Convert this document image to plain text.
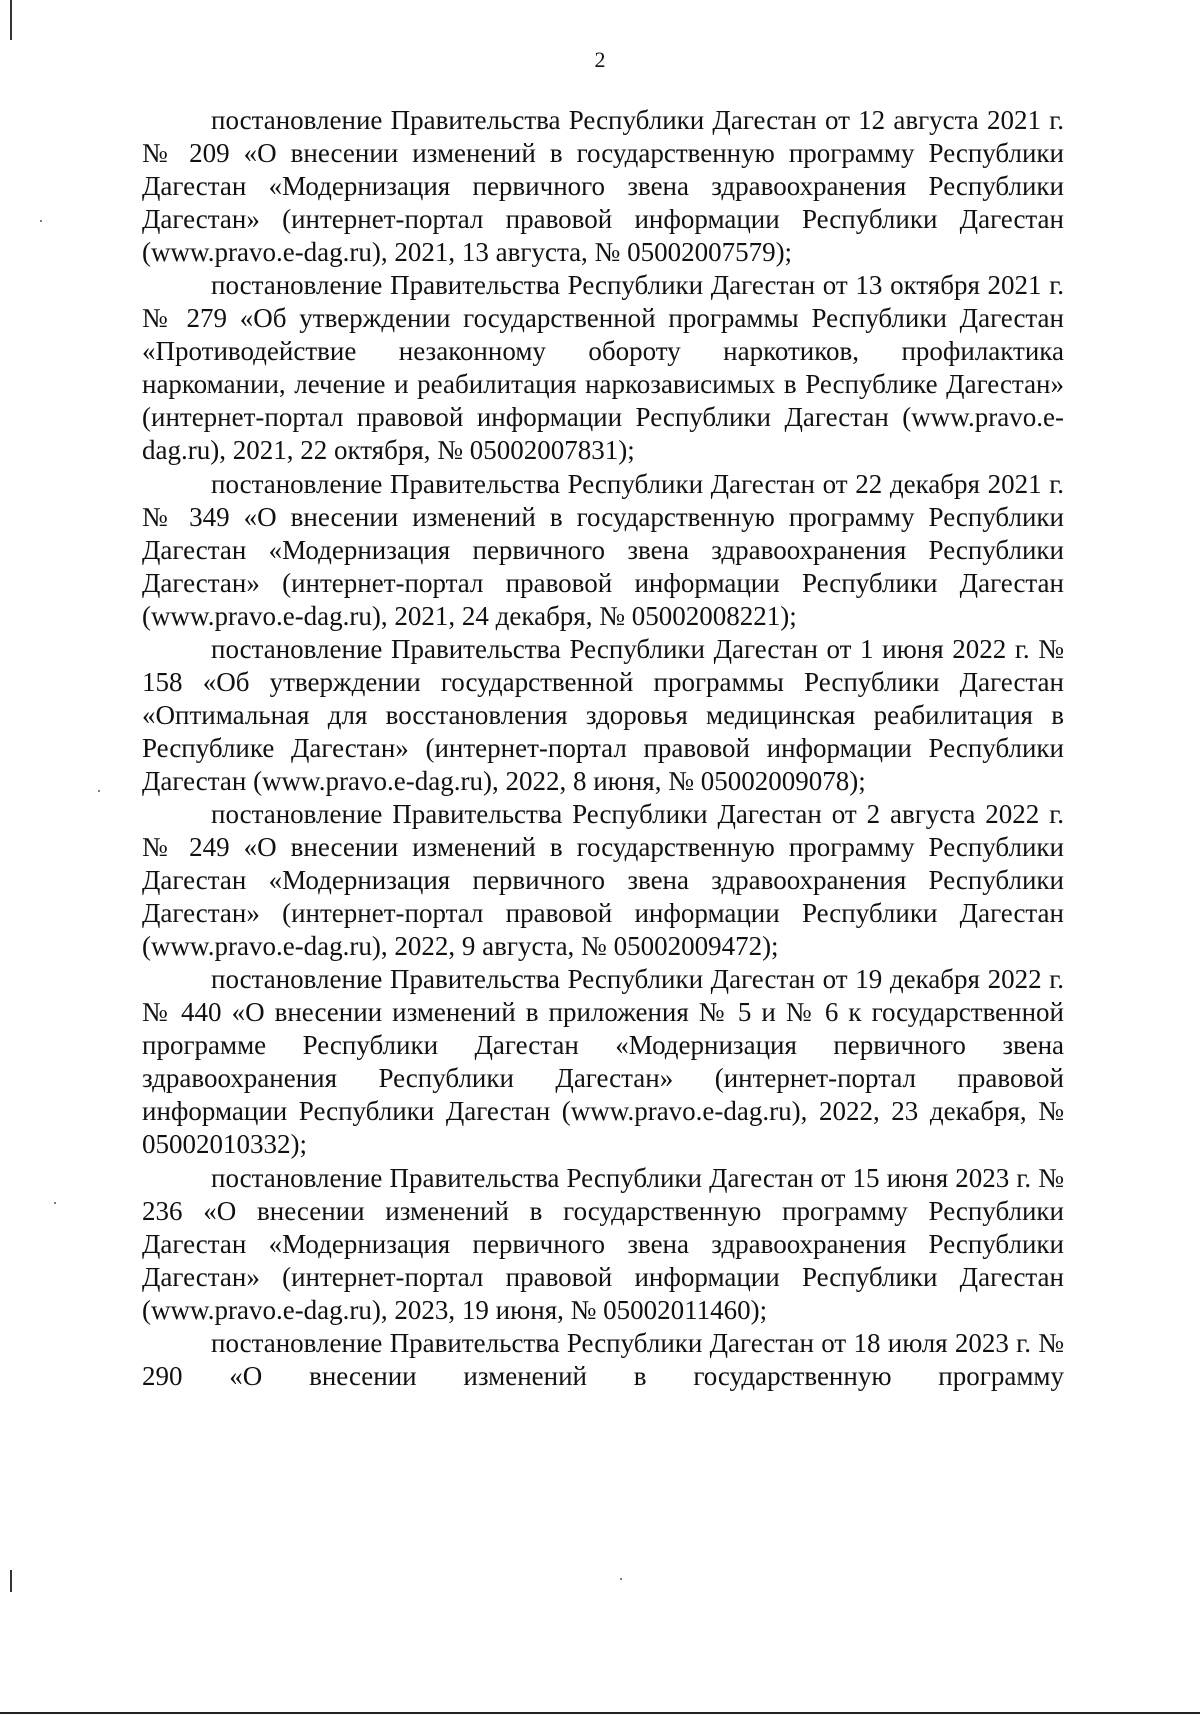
2

постановление Правительства Республики Дагестан от 12 августа 2021 г. № 209 «О внесении изменений в государственную программу Республики Дагестан «Модернизация первичного звена здравоохранения Республики Дагестан» (интернет-портал правовой информации Республики Дагестан (www.pravo.e-dag.ru), 2021, 13 августа, № 05002007579);

постановление Правительства Республики Дагестан от 13 октября 2021 г. № 279 «Об утверждении государственной программы Республики Дагестан «Противодействие незаконному обороту наркотиков, профилактика наркомании, лечение и реабилитация наркозависимых в Республике Дагестан» (интернет-портал правовой информации Республики Дагестан (www.pravo.e-dag.ru), 2021, 22 октября, № 05002007831);

постановление Правительства Республики Дагестан от 22 декабря 2021 г. № 349 «О внесении изменений в государственную программу Республики Дагестан «Модернизация первичного звена здравоохранения Республики Дагестан» (интернет-портал правовой информации Республики Дагестан (www.pravo.e-dag.ru), 2021, 24 декабря, № 05002008221);

постановление Правительства Республики Дагестан от 1 июня 2022 г. № 158 «Об утверждении государственной программы Республики Дагестан «Оптимальная для восстановления здоровья медицинская реабилитация в Республике Дагестан» (интернет-портал правовой информации Республики Дагестан (www.pravo.e-dag.ru), 2022, 8 июня, № 05002009078);

постановление Правительства Республики Дагестан от 2 августа 2022 г. № 249 «О внесении изменений в государственную программу Республики Дагестан «Модернизация первичного звена здравоохранения Республики Дагестан» (интернет-портал правовой информации Республики Дагестан (www.pravo.e-dag.ru), 2022, 9 августа, № 05002009472);

постановление Правительства Республики Дагестан от 19 декабря 2022 г. № 440 «О внесении изменений в приложения № 5 и № 6 к государственной программе Республики Дагестан «Модернизация первичного звена здравоохранения Республики Дагестан» (интернет-портал правовой информации Республики Дагестан (www.pravo.e-dag.ru), 2022, 23 декабря, № 05002010332);

постановление Правительства Республики Дагестан от 15 июня 2023 г. № 236 «О внесении изменений в государственную программу Республики Дагестан «Модернизация первичного звена здравоохранения Республики Дагестан» (интернет-портал правовой информации Республики Дагестан (www.pravo.e-dag.ru), 2023, 19 июня, № 05002011460);

постановление Правительства Республики Дагестан от 18 июля 2023 г. № 290 «О внесении изменений в государственную программу
